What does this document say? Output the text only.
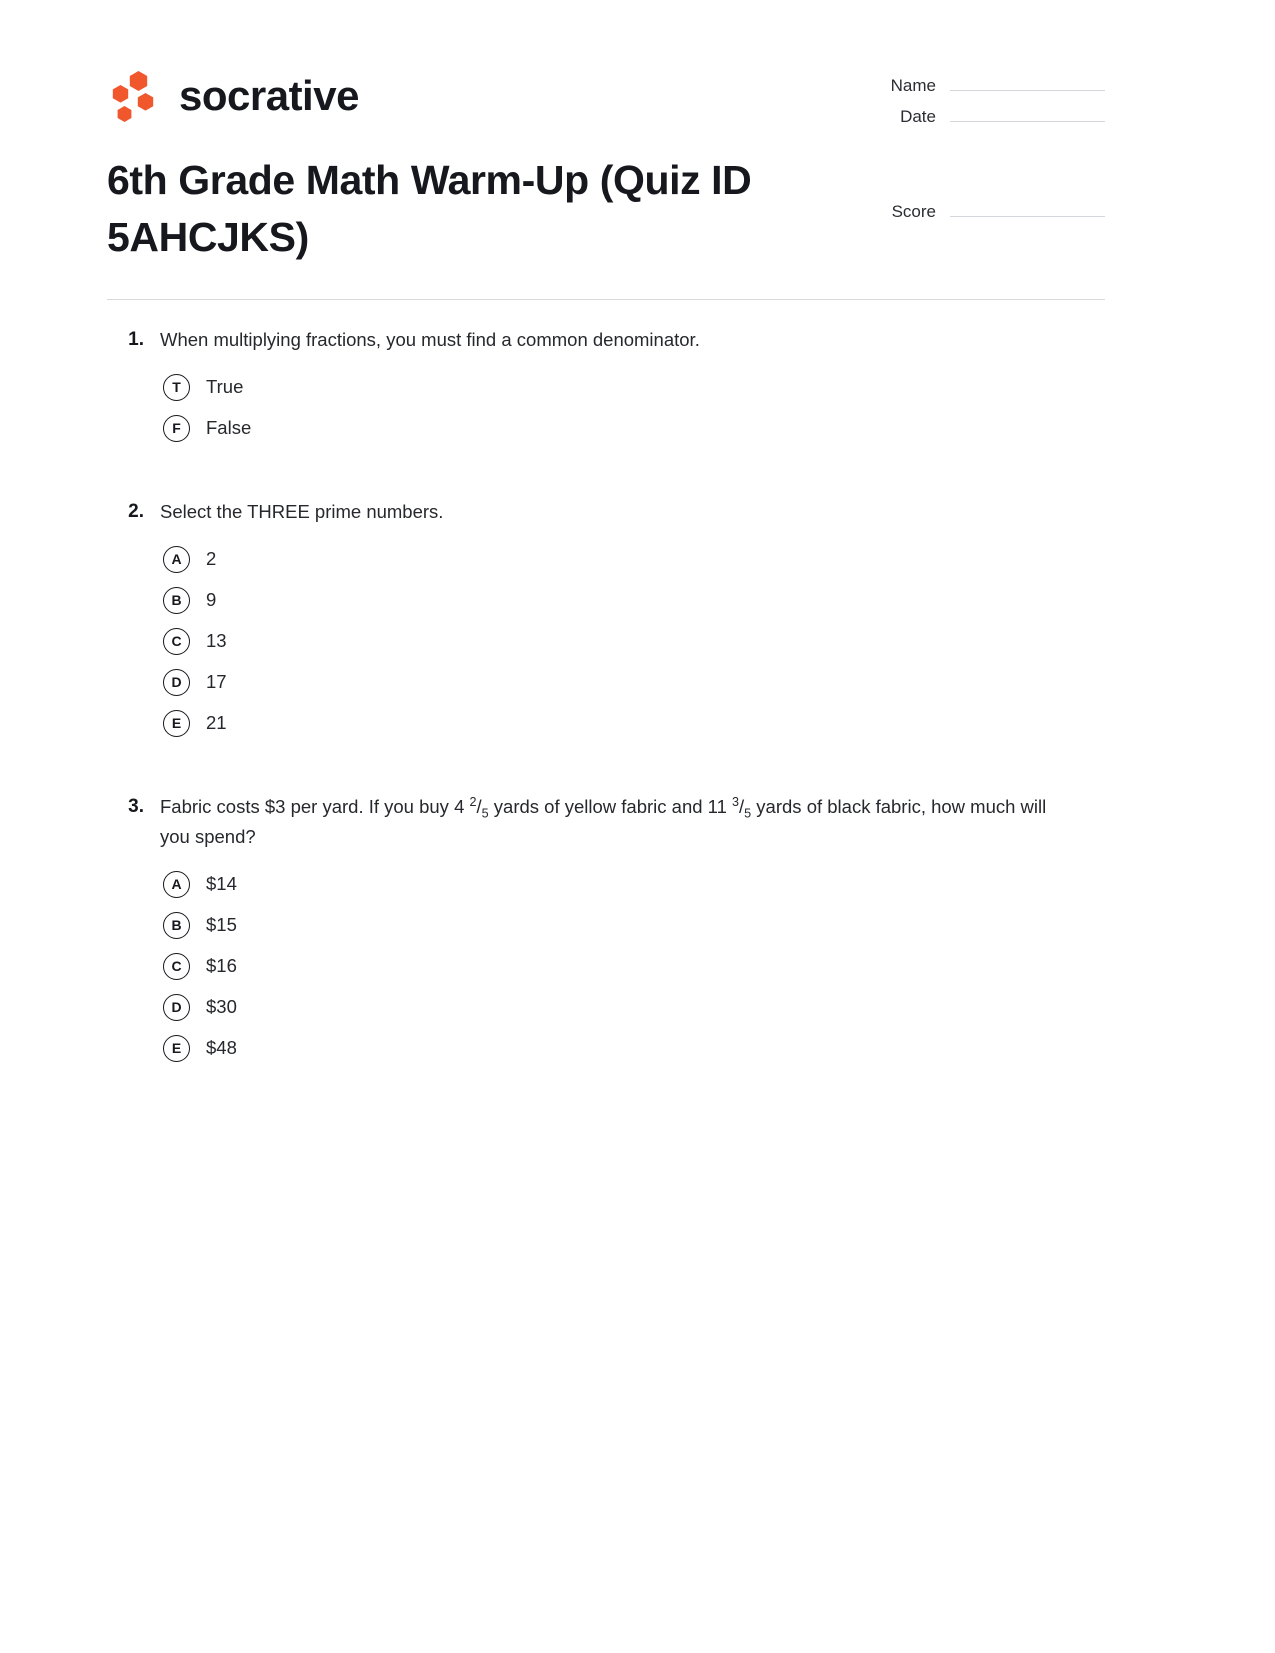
socrative
6th Grade Math Warm-Up (Quiz ID 5AHCJKS)
Name
Date
Score
1. When multiplying fractions, you must find a common denominator.
T	True
F	False
2. Select the THREE prime numbers.
A	2
B	9
C	13
D	17
E	21
3. Fabric costs $3 per yard. If you buy 4 $^2/_5$ yards of yellow fabric and 11 $^3/_5$ yards of black fabric, how much will you spend?
A	$14
B	$15
C	$16
D	$30
E	$48
